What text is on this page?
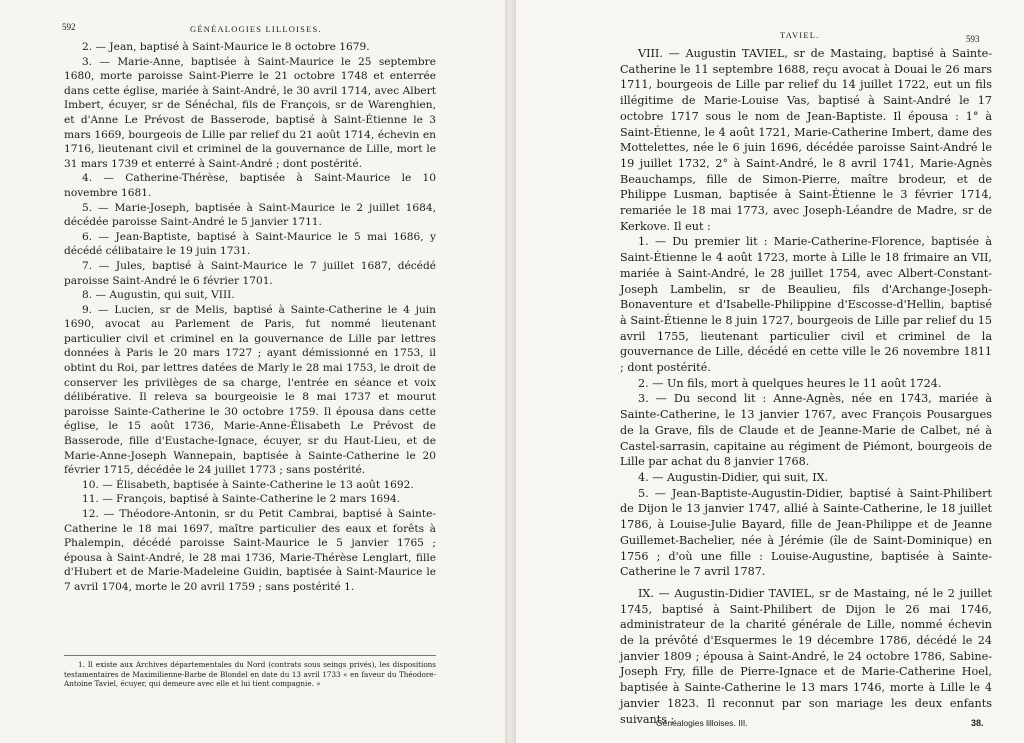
592	GÉNÉALOGIES LILLOISES.

2. — Jean, baptisé à Saint-Maurice le 8 octobre 1679.

3. — Marie-Anne, baptisée à Saint-Maurice le 25 septembre 1680, morte paroisse Saint-Pierre le 21 octobre 1748 et enterrée dans cette église, mariée à Saint-André, le 30 avril 1714, avec Albert Imbert, écuyer, sr de Sénéchal, fils de François, sr de Warenghien, et d'Anne Le Prévost de Basserode, baptisé à Saint-Étienne le 3 mars 1669, bourgeois de Lille par relief du 21 août 1714, échevin en 1716, lieutenant civil et criminel de la gouvernance de Lille, mort le 31 mars 1739 et enterré à Saint-André ; dont postérité.

4. — Catherine-Thérèse, baptisée à Saint-Maurice le 10 novembre 1681.

5. — Marie-Joseph, baptisée à Saint-Maurice le 2 juillet 1684, décédée paroisse Saint-André le 5 janvier 1711.

6. — Jean-Baptiste, baptisé à Saint-Maurice le 5 mai 1686, y décédé célibataire le 19 juin 1731.

7. — Jules, baptisé à Saint-Maurice le 7 juillet 1687, décédé paroisse Saint-André le 6 février 1701.

8. — Augustin, qui suit, VIII.

9. — Lucien, sr de Melis, baptisé à Sainte-Catherine le 4 juin 1690, avocat au Parlement de Paris, fut nommé lieutenant particulier civil et criminel en la gouvernance de Lille par lettres données à Paris le 20 mars 1727 ; ayant démissionné en 1753, il obtint du Roi, par lettres datées de Marly le 28 mai 1753, le droit de conserver les privilèges de sa charge, l'entrée en séance et voix délibérative. Il releva sa bourgeoisie le 8 mai 1737 et mourut paroisse Sainte-Catherine le 30 octobre 1759. Il épousa dans cette église, le 15 août 1736, Marie-Anne-Élisabeth Le Prévost de Basserode, fille d'Eustache-Ignace, écuyer, sr du Haut-Lieu, et de Marie-Anne-Joseph Wannepain, baptisée à Sainte-Catherine le 20 février 1715, décédée le 24 juillet 1773 ; sans postérité.

10. — Élisabeth, baptisée à Sainte-Catherine le 13 août 1692.

11. — François, baptisé à Sainte-Catherine le 2 mars 1694.

12. — Théodore-Antonin, sr du Petit Cambrai, baptisé à Sainte-Catherine le 18 mai 1697, maître particulier des eaux et forêts à Phalempin, décédé paroisse Saint-Maurice le 5 janvier 1765 ; épousa à Saint-André, le 28 mai 1736, Marie-Thérèse Lenglart, fille d'Hubert et de Marie-Madeleine Guidin, baptisée à Saint-Maurice le 7 avril 1704, morte le 20 avril 1759 ; sans postérité 1.

1. Il existe aux Archives départementales du Nord (contrats sous seings privés), les dispositions testamentaires de Maximilienne-Barbe de Blondel en date du 13 avril 1733 « en faveur du Théodore-Antoine Taviel, écuyer, qui demeure avec elle et lui tient compagnie. »

TAVIEL.	593

VIII. — Augustin TAVIEL, sr de Mastaing, baptisé à Sainte-Catherine le 11 septembre 1688, reçu avocat à Douai le 26 mars 1711, bourgeois de Lille par relief du 14 juillet 1722, eut un fils illégitime de Marie-Louise Vas, baptisé à Saint-André le 17 octobre 1717 sous le nom de Jean-Baptiste. Il épousa : 1° à Saint-Étienne, le 4 août 1721, Marie-Catherine Imbert, dame des Mottelettes, née le 6 juin 1696, décédée paroisse Saint-André le 19 juillet 1732, 2° à Saint-André, le 8 avril 1741, Marie-Agnès Beauchamps, fille de Simon-Pierre, maître brodeur, et de Philippe Lusman, baptisée à Saint-Étienne le 3 février 1714, remariée le 18 mai 1773, avec Joseph-Léandre de Madre, sr de Kerkove. Il eut :

1. — Du premier lit : Marie-Catherine-Florence, baptisée à Saint-Étienne le 4 août 1723, morte à Lille le 18 frimaire an VII, mariée à Saint-André, le 28 juillet 1754, avec Albert-Constant-Joseph Lambelin, sr de Beaulieu, fils d'Archange-Joseph-Bonaventure et d'Isabelle-Philippine d'Escosse-d'Hellin, baptisé à Saint-Étienne le 8 juin 1727, bourgeois de Lille par relief du 15 avril 1755, lieutenant particulier civil et criminel de la gouvernance de Lille, décédé en cette ville le 26 novembre 1811 ; dont postérité.

2. — Un fils, mort à quelques heures le 11 août 1724.

3. — Du second lit : Anne-Agnès, née en 1743, mariée à Sainte-Catherine, le 13 janvier 1767, avec François Pousargues de la Grave, fils de Claude et de Jeanne-Marie de Calbet, né à Castel-sarrasin, capitaine au régiment de Piémont, bourgeois de Lille par achat du 8 janvier 1768.

4. — Augustin-Didier, qui suit, IX.

5. — Jean-Baptiste-Augustin-Didier, baptisé à Saint-Philibert de Dijon le 13 janvier 1747, allié à Sainte-Catherine, le 18 juillet 1786, à Louise-Julie Bayard, fille de Jean-Philippe et de Jeanne Guillemet-Bachelier, née à Jérémie (île de Saint-Dominique) en 1756 ; d'où une fille : Louise-Augustine, baptisée à Sainte-Catherine le 7 avril 1787.

IX. — Augustin-Didier TAVIEL, sr de Mastaing, né le 2 juillet 1745, baptisé à Saint-Philibert de Dijon le 26 mai 1746, administrateur de la charité générale de Lille, nommé échevin de la prévôté d'Esquermes le 19 décembre 1786, décédé le 24 janvier 1809 ; épousa à Saint-André, le 24 octobre 1786, Sabine-Joseph Fry, fille de Pierre-Ignace et de Marie-Catherine Hoel, baptisée à Sainte-Catherine le 13 mars 1746, morte à Lille le 4 janvier 1823. Il reconnut par son mariage les deux enfants suivants :

Généalogies lilloises. III.	38.
